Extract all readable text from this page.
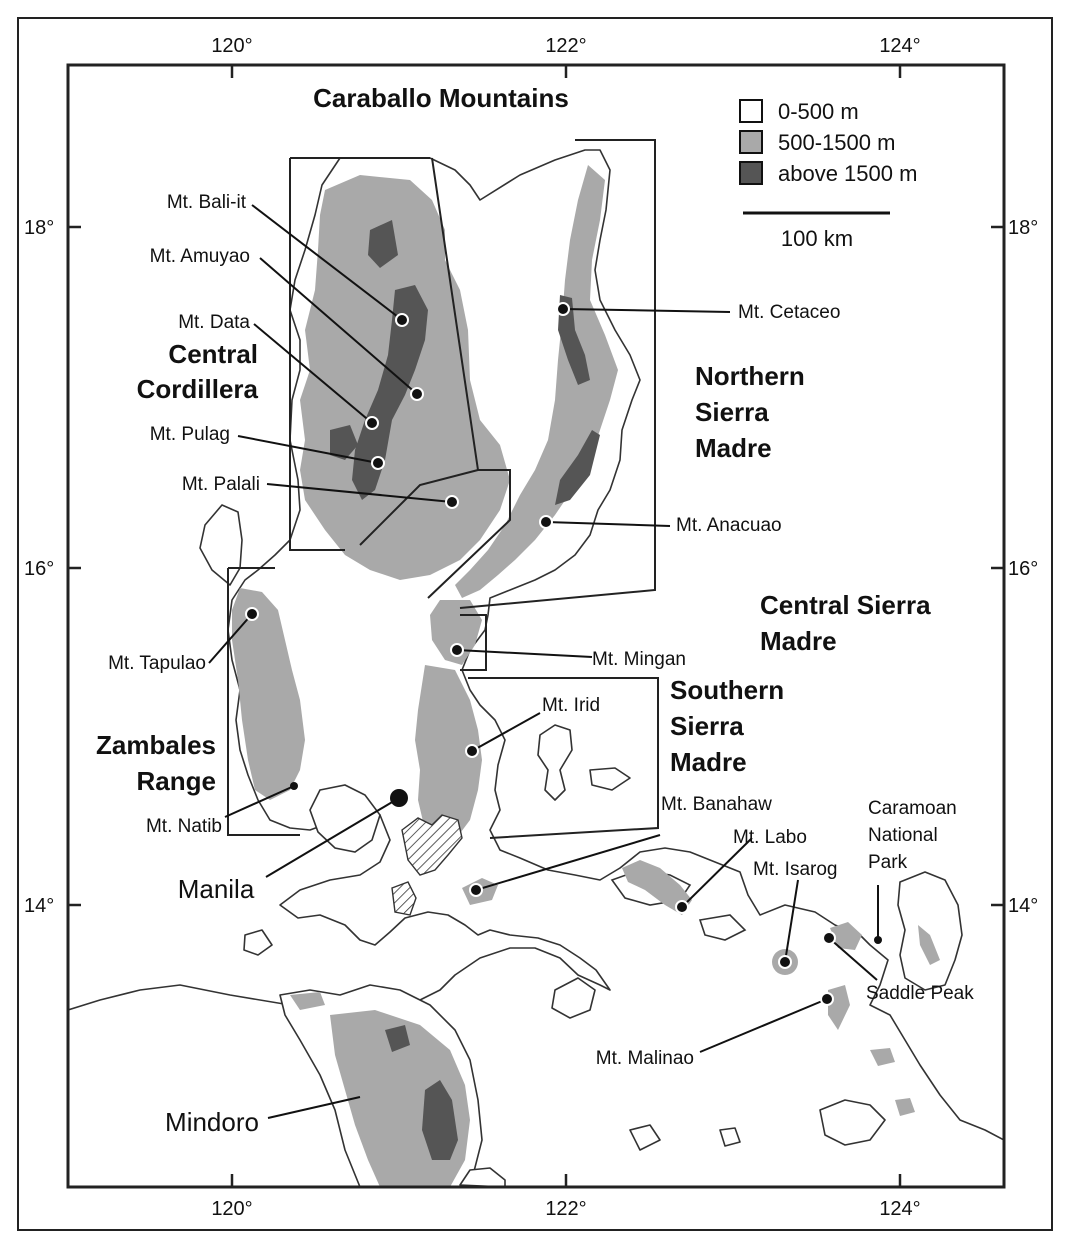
120°	122°	124°
120°	122°	124°
18°
16°
14°
18°
16°
14°
0-500 m
500-1500 m
above 1500 m
100 km
Caraballo Mountains
Central
Cordillera	Northern
Sierra
Madre
Central Sierra
Madre
Southern
Sierra
Madre
Zambales
Range
Manila
Mindoro
Caramoan
National
Park
Mt. Bali-it
Mt. Amuyao
Mt. Data
Mt. Pulag
Mt. Palali
Mt. Cetaceo
Mt. Anacuao
Mt. Mingan
Mt. Tapulao
Mt. Irid
Mt. Natib
Mt. Banahaw
Mt. Labo
Mt. Isarog
Saddle Peak
Mt. Malinao
